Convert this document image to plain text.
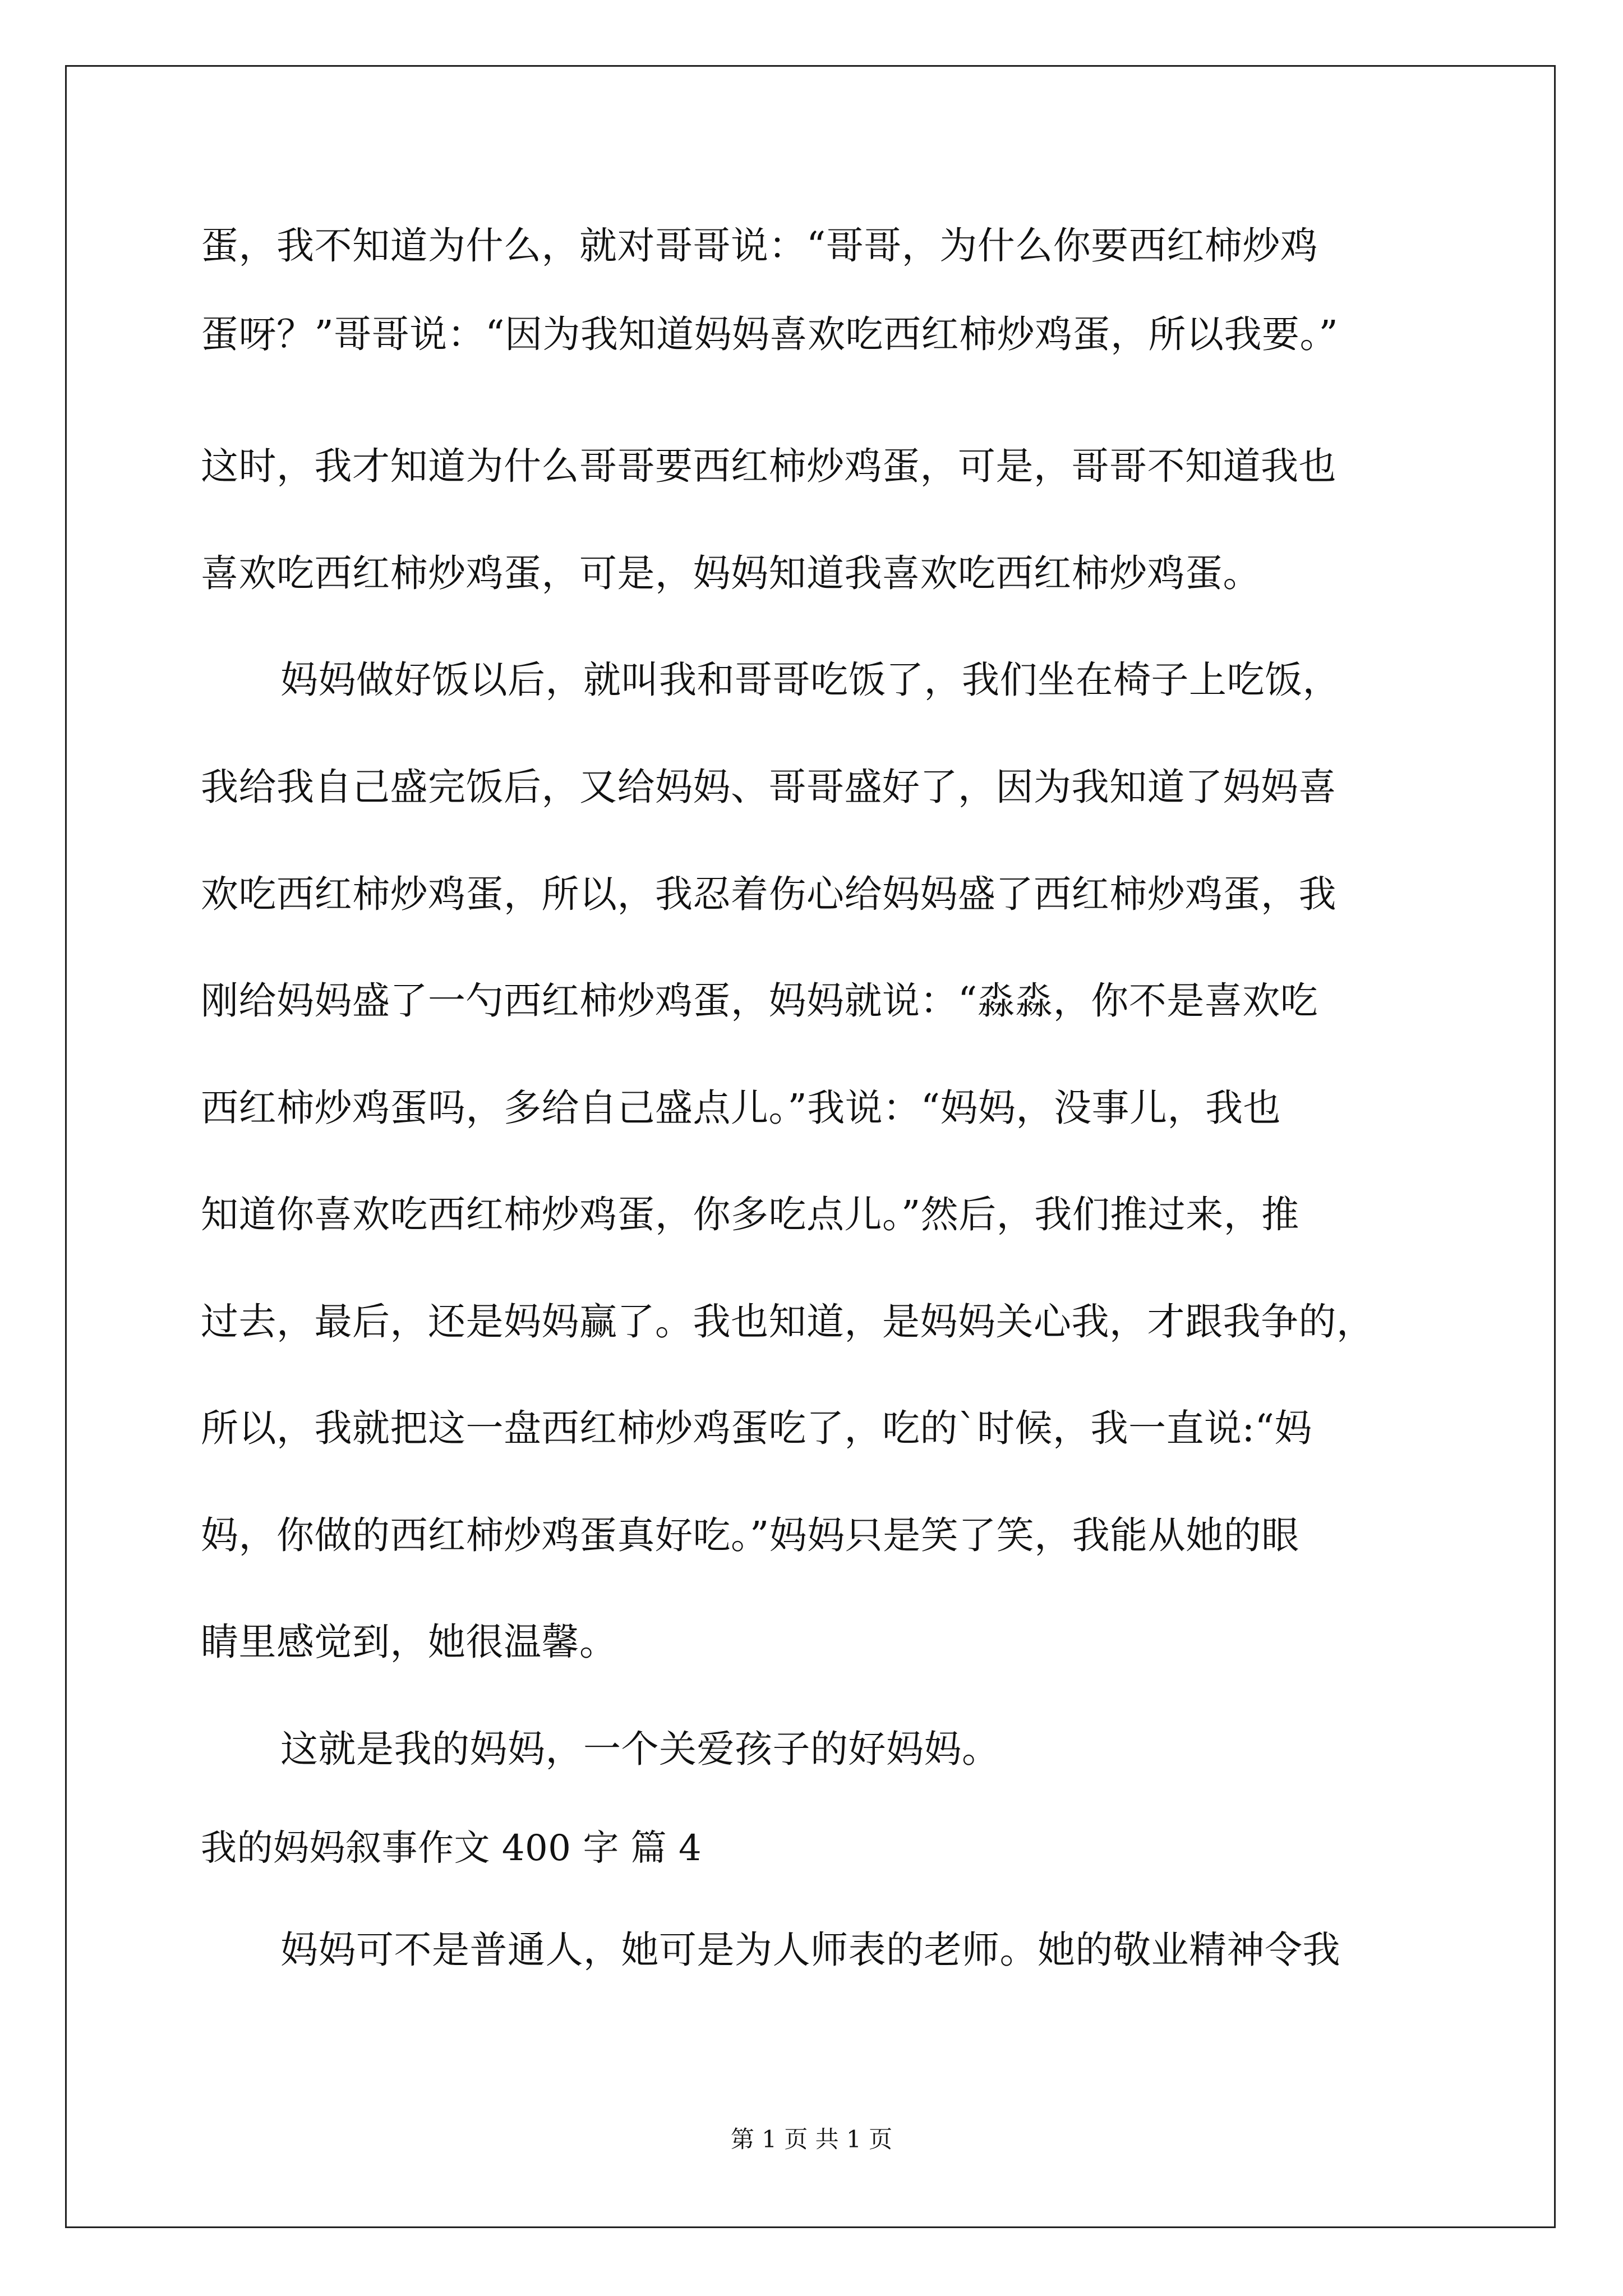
蛋，我不知道为什么，就对哥哥说：“哥哥，为什么你要西红柿炒鸡
蛋呀？”哥哥说：“因为我知道妈妈喜欢吃西红柿炒鸡蛋，所以我要。”
这时，我才知道为什么哥哥要西红柿炒鸡蛋，可是，哥哥不知道我也
喜欢吃西红柿炒鸡蛋，可是，妈妈知道我喜欢吃西红柿炒鸡蛋。
妈妈做好饭以后，就叫我和哥哥吃饭了，我们坐在椅子上吃饭，
我给我自己盛完饭后，又给妈妈、哥哥盛好了，因为我知道了妈妈喜
欢吃西红柿炒鸡蛋，所以，我忍着伤心给妈妈盛了西红柿炒鸡蛋，我
刚给妈妈盛了一勺西红柿炒鸡蛋，妈妈就说：“淼淼，你不是喜欢吃
西红柿炒鸡蛋吗，多给自己盛点儿。”我说：“妈妈，没事儿，我也
知道你喜欢吃西红柿炒鸡蛋，你多吃点儿。”然后，我们推过来，推
过去，最后，还是妈妈赢了。我也知道，是妈妈关心我，才跟我争的，
所以，我就把这一盘西红柿炒鸡蛋吃了，吃的`时候，我一直说:“妈
妈，你做的西红柿炒鸡蛋真好吃。”妈妈只是笑了笑，我能从她的眼
睛里感觉到，她很温馨。
这就是我的妈妈，一个关爱孩子的好妈妈。
我的妈妈叙事作文 400 字 篇 4
妈妈可不是普通人，她可是为人师表的老师。她的敬业精神令我
第 1 页 共 1 页
